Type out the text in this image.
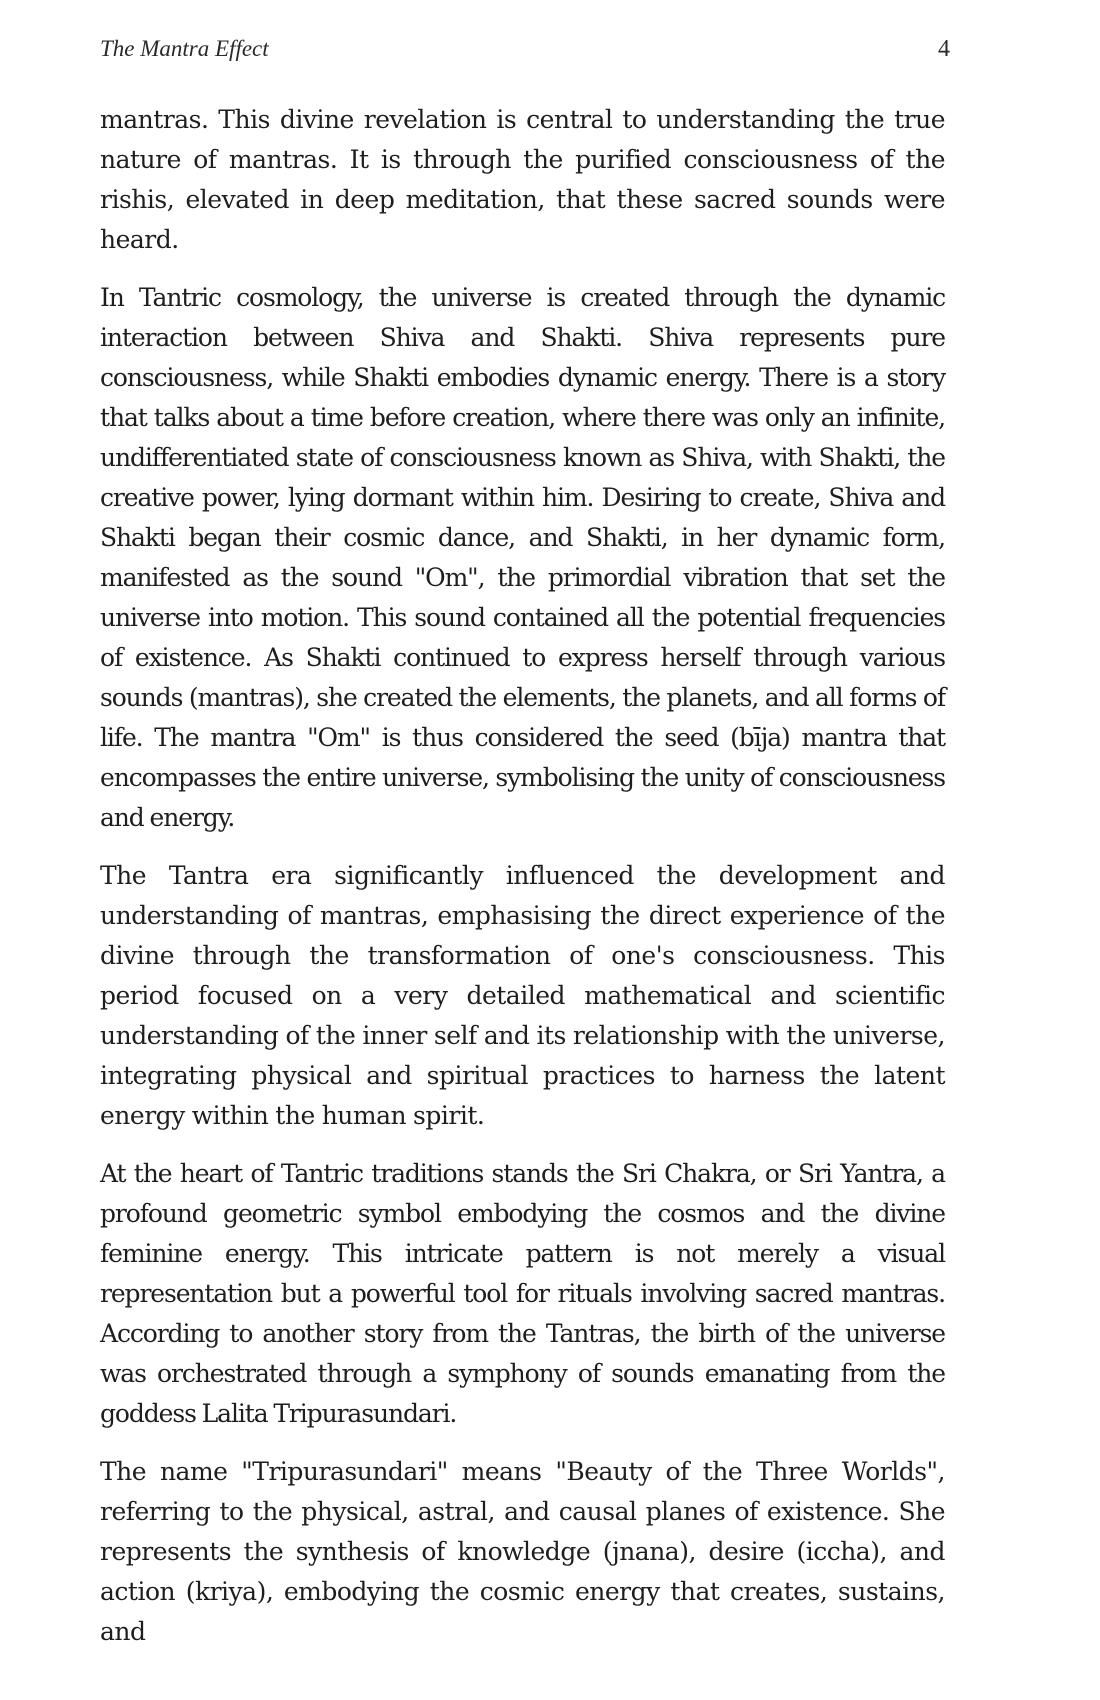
The Mantra Effect	4

mantras. This divine revelation is central to understanding the true nature of mantras. It is through the purified consciousness of the rishis, elevated in deep meditation, that these sacred sounds were heard.

In Tantric cosmology, the universe is created through the dynamic interaction between Shiva and Shakti. Shiva represents pure consciousness, while Shakti embodies dynamic energy. There is a story that talks about a time before creation, where there was only an infinite, undifferentiated state of consciousness known as Shiva, with Shakti, the creative power, lying dormant within him. Desiring to create, Shiva and Shakti began their cosmic dance, and Shakti, in her dynamic form, manifested as the sound "Om", the primordial vibration that set the universe into motion. This sound contained all the potential frequencies of existence. As Shakti continued to express herself through various sounds (mantras), she created the elements, the planets, and all forms of life. The mantra "Om" is thus considered the seed (bīja) mantra that encompasses the entire universe, symbolising the unity of consciousness and energy.

The Tantra era significantly influenced the development and understanding of mantras, emphasising the direct experience of the divine through the transformation of one's consciousness. This period focused on a very detailed mathematical and scientific understanding of the inner self and its relationship with the universe, integrating physical and spiritual practices to harness the latent energy within the human spirit.

At the heart of Tantric traditions stands the Sri Chakra, or Sri Yantra, a profound geometric symbol embodying the cosmos and the divine feminine energy. This intricate pattern is not merely a visual representation but a powerful tool for rituals involving sacred mantras. According to another story from the Tantras, the birth of the universe was orchestrated through a symphony of sounds emanating from the goddess Lalita Tripurasundari.

The name "Tripurasundari" means "Beauty of the Three Worlds", referring to the physical, astral, and causal planes of existence. She represents the synthesis of knowledge (jnana), desire (iccha), and action (kriya), embodying the cosmic energy that creates, sustains, and
